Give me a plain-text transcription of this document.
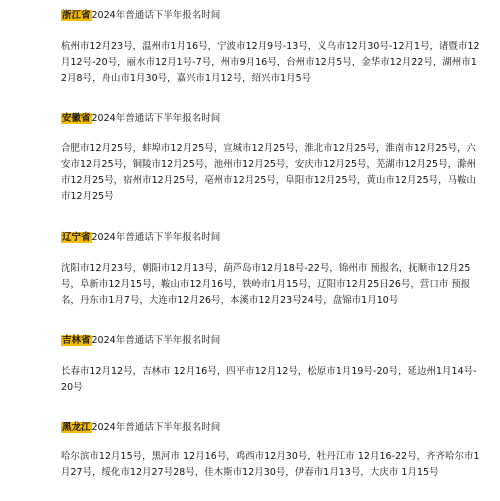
浙江省2024年普通话下半年报名时间
杭州市12月23号，温州市1月16号，宁波市12月9号-13号，义乌市12月30号-12月1号，诸暨市12月12号-20号，丽水市12月1号-7号，州市9月16号，台州市12月5号，金华市12月22号，湖州市12月8号，舟山市1月30号，嘉兴市1月12号，绍兴市1月5号
安徽省2024年普通话下半年报名时间
合肥市12月25号，蚌埠市12月25号，宣城市12月25号，淮北市12月25号，淮南市12月25号，六安市12月25号，铜陵市12月25号，池州市12月25号，安庆市12月25号，芜湖市12月25号，滁州市12月25号，宿州市12月25号，亳州市12月25号，阜阳市12月25号，黄山市12月25号，马鞍山市12月25号
辽宁省2024年普通话下半年报名时间
沈阳市12月23号，朝阳市12月13号，葫芦岛市12月18号-22号，锦州市 预报名，抚顺市12月25号，阜新市12月15号，鞍山市12月16号，铁岭市1月15号，辽阳市12月25日26号，营口市 预报名，丹东市1月7号，大连市12月26号，本溪市12月23号24号，盘锦市1月10号
吉林省2024年普通话下半年报名时间
长春市12月12号，吉林市 12月16号，四平市12月12号，松原市1月19号-20号，延边州1月14号-20号
黑龙江2024年普通话下半年报名时间
哈尔滨市12月15号，黑河市 12月16号，鸡西市12月30号，牡丹江市 12月16-22号，齐齐哈尔市1月27号，绥化市12月27号28号，佳木斯市12月30号，伊春市1月13号，大庆市 1月15号
